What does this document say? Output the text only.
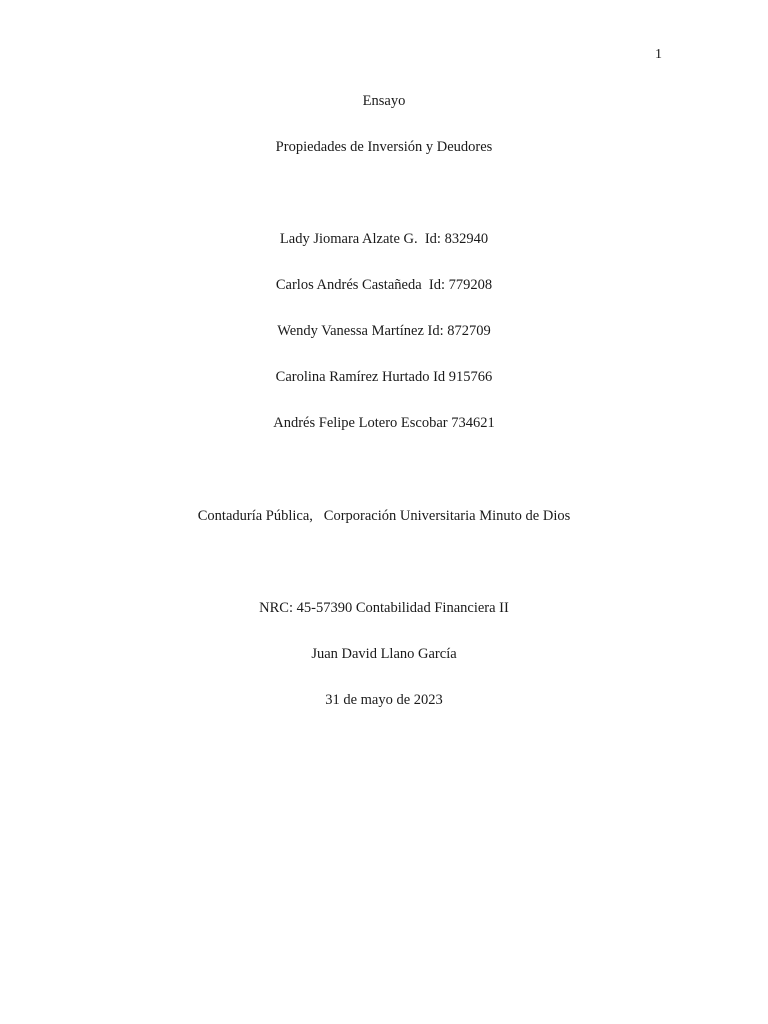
1
Ensayo
Propiedades de Inversión y Deudores
Lady Jiomara Alzate G.  Id: 832940
Carlos Andrés Castañeda  Id: 779208
Wendy Vanessa Martínez Id: 872709
Carolina Ramírez Hurtado Id 915766
Andrés Felipe Lotero Escobar 734621
Contaduría Pública,   Corporación Universitaria Minuto de Dios
NRC: 45-57390 Contabilidad Financiera II
Juan David Llano García
31 de mayo de 2023
